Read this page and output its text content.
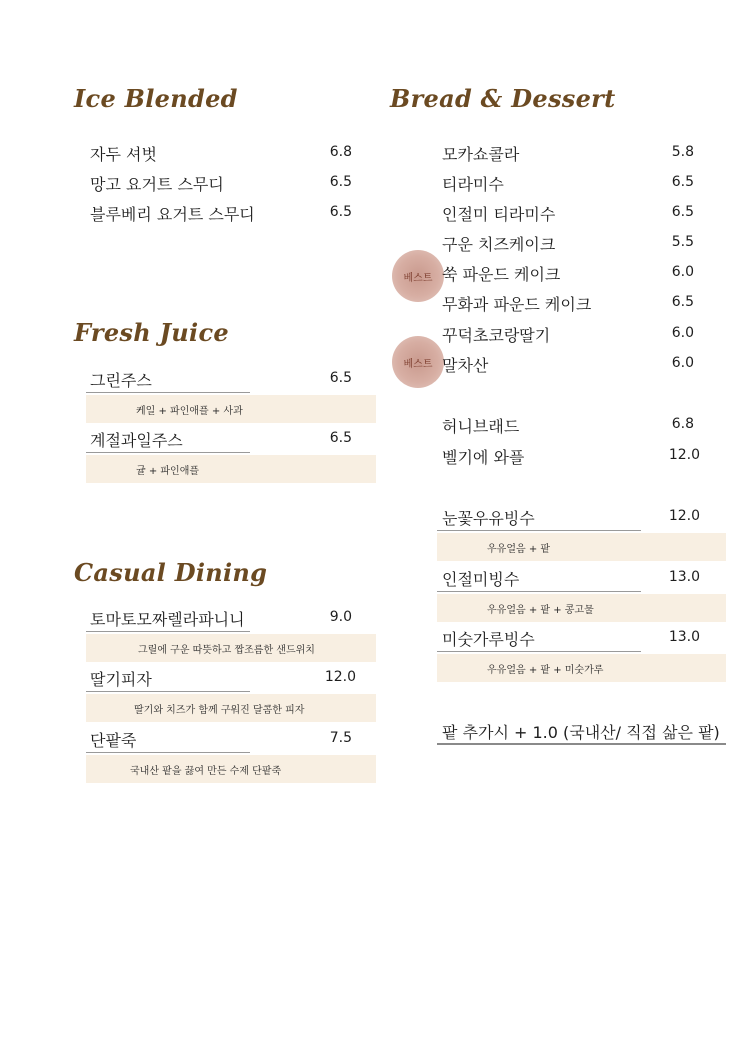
Ice Blended
자두 셔벗	6.8
망고 요거트 스무디	6.5
블루베리 요거트 스무디	6.5
Fresh Juice
그린주스	6.5
케일 + 파인애플 + 사과
계절과일주스	6.5
귤 + 파인애플
Casual Dining
토마토모짜렐라파니니	9.0
그릴에 구운 따뜻하고 짭조름한 샌드위치
딸기피자	12.0
딸기와 치즈가 함께 구워진 달콤한 피자
단팥죽	7.5
국내산 팥을 끓여 만든 수제 단팥죽
Bread & Dessert
모카쇼콜라	5.8
티라미수	6.5
인절미 티라미수	6.5
구운 치즈케이크	5.5
베스트 쑥 파운드 케이크	6.0
무화과 파운드 케이크	6.5
꾸덕초코랑딸기	6.0
베스트 말차산	6.0
허니브래드	6.8
벨기에 와플	12.0
눈꽃우유빙수	12.0
우유얼음 + 팥
인절미빙수	13.0
우유얼음 + 팥 + 콩고물
미숫가루빙수	13.0
우유얼음 + 팥 + 미숫가루
팥 추가시 + 1.0 (국내산/ 직접 삶은 팥)
